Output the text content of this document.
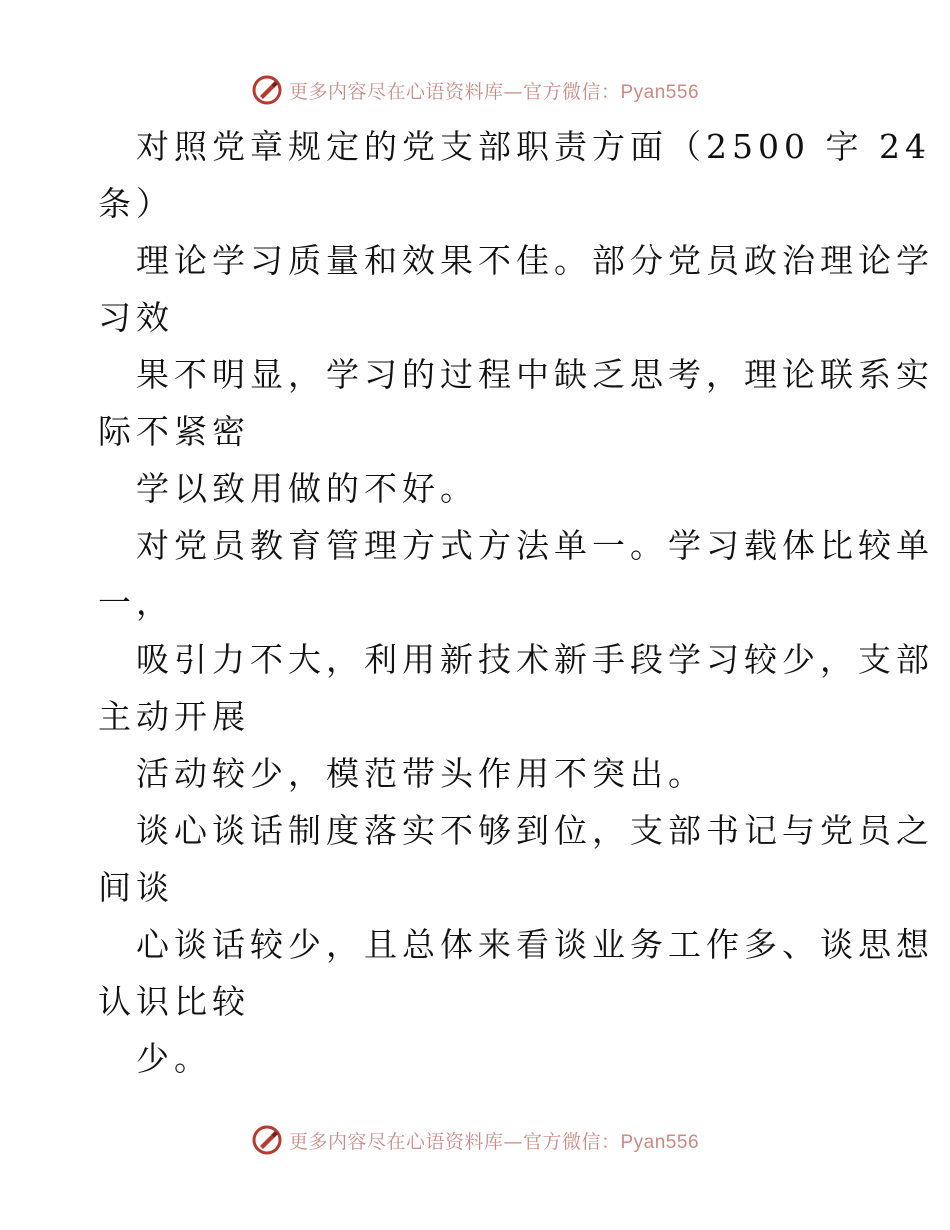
更多内容尽在心语资料库—官方微信：Pyan556
对照党章规定的党支部职责方面（2500 字 24
条）
理论学习质量和效果不佳。部分党员政治理论学
习效
果不明显，学习的过程中缺乏思考，理论联系实
际不紧密
学以致用做的不好。
对党员教育管理方式方法单一。学习载体比较单
一，
吸引力不大，利用新技术新手段学习较少，支部
主动开展
活动较少，模范带头作用不突出。
谈心谈话制度落实不够到位，支部书记与党员之
间谈
心谈话较少，且总体来看谈业务工作多、谈思想
认识比较
少。
更多内容尽在心语资料库—官方微信：Pyan556
